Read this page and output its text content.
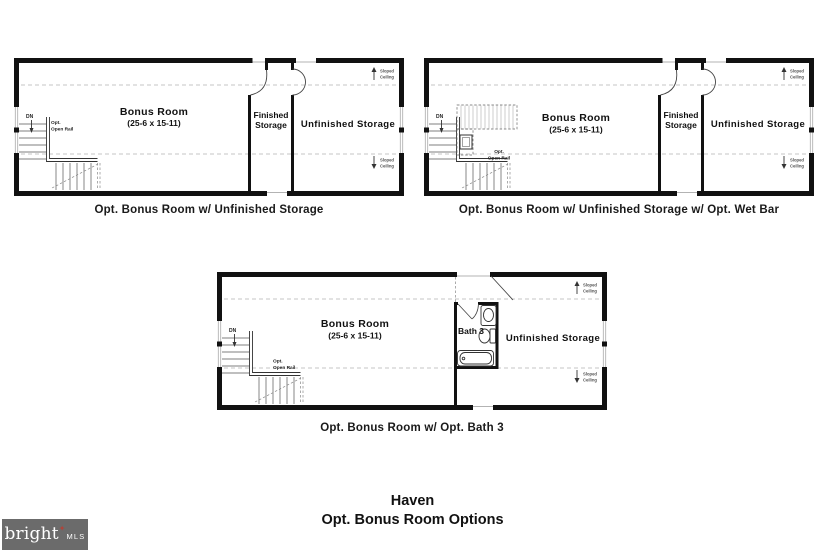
DN
Opt.
Open Rail
Bonus Room
(25-6 x 15-11)
Finished
Storage Unfinished Storage
Sloped
Ceiling
Sloped
Ceiling
Opt. Bonus Room w/ Unfinished Storage
DN
Opt.
Open Rail
Bonus Room
(25-6 x 15-11)
Finished
Storage Unfinished Storage
Sloped
Ceiling
Sloped
Ceiling
Opt. Bonus Room w/ Unfinished Storage w/ Opt. Wet Bar
DN
Opt.
Open Rail
Bonus Room
(25-6 x 15-11)	Bath 3
Unfinished Storage
Sloped
Ceiling
Sloped
Ceiling
Opt. Bonus Room w/ Opt. Bath 3
Haven
Opt. Bonus Room Options
bright ✦
MLS
